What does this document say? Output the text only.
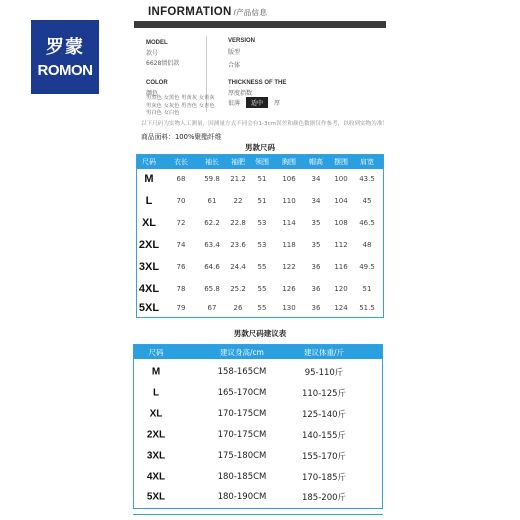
罗蒙
ROMON
INFORMATION /产品信息
MODEL
款号
6628情侣款
VERSION
版型
合体
COLOR
颜色
男黑色 女黑色 男黄灰 女黄灰 男灰色 女灰色 男杏色 女杏色 男白色 女白色
THICKNESS OF THE
厚度指数
很薄	适中	厚
以下尺码为实物人工测量，因测量方式不同会有1-3cm误差和颜色数据仅作参考，以收到实物为准！
商品面料：100%聚酯纤维
男款尺码
尺码	衣长 袖长 袖肥 领围 胸围 帽高 摆围 肩宽
M	68	59.8 21.2 51 106 34 100 43.5
L	70	61 22 51 110 34 104 45
XL	72	62.2 22.8 53 114 35 108 46.5
2XL 74	63.4 23.6 53 118 35 112 48
3XL 76	64.6 24.4 55 122 36 116 49.5
4XL 78	65.8 25.2 55 126 36 120 51
5XL 79	67 26 55 130 36 124 51.5
男款尺码建议表
尺码	建议身高/cm	建议体重/斤
M	158-165CM	95-110斤
L	165-170CM	110-125斤
XL	170-175CM	125-140斤
2XL	170-175CM	140-155斤
3XL	175-180CM	155-170斤
4XL	180-185CM	170-185斤
5XL	180-190CM	185-200斤
